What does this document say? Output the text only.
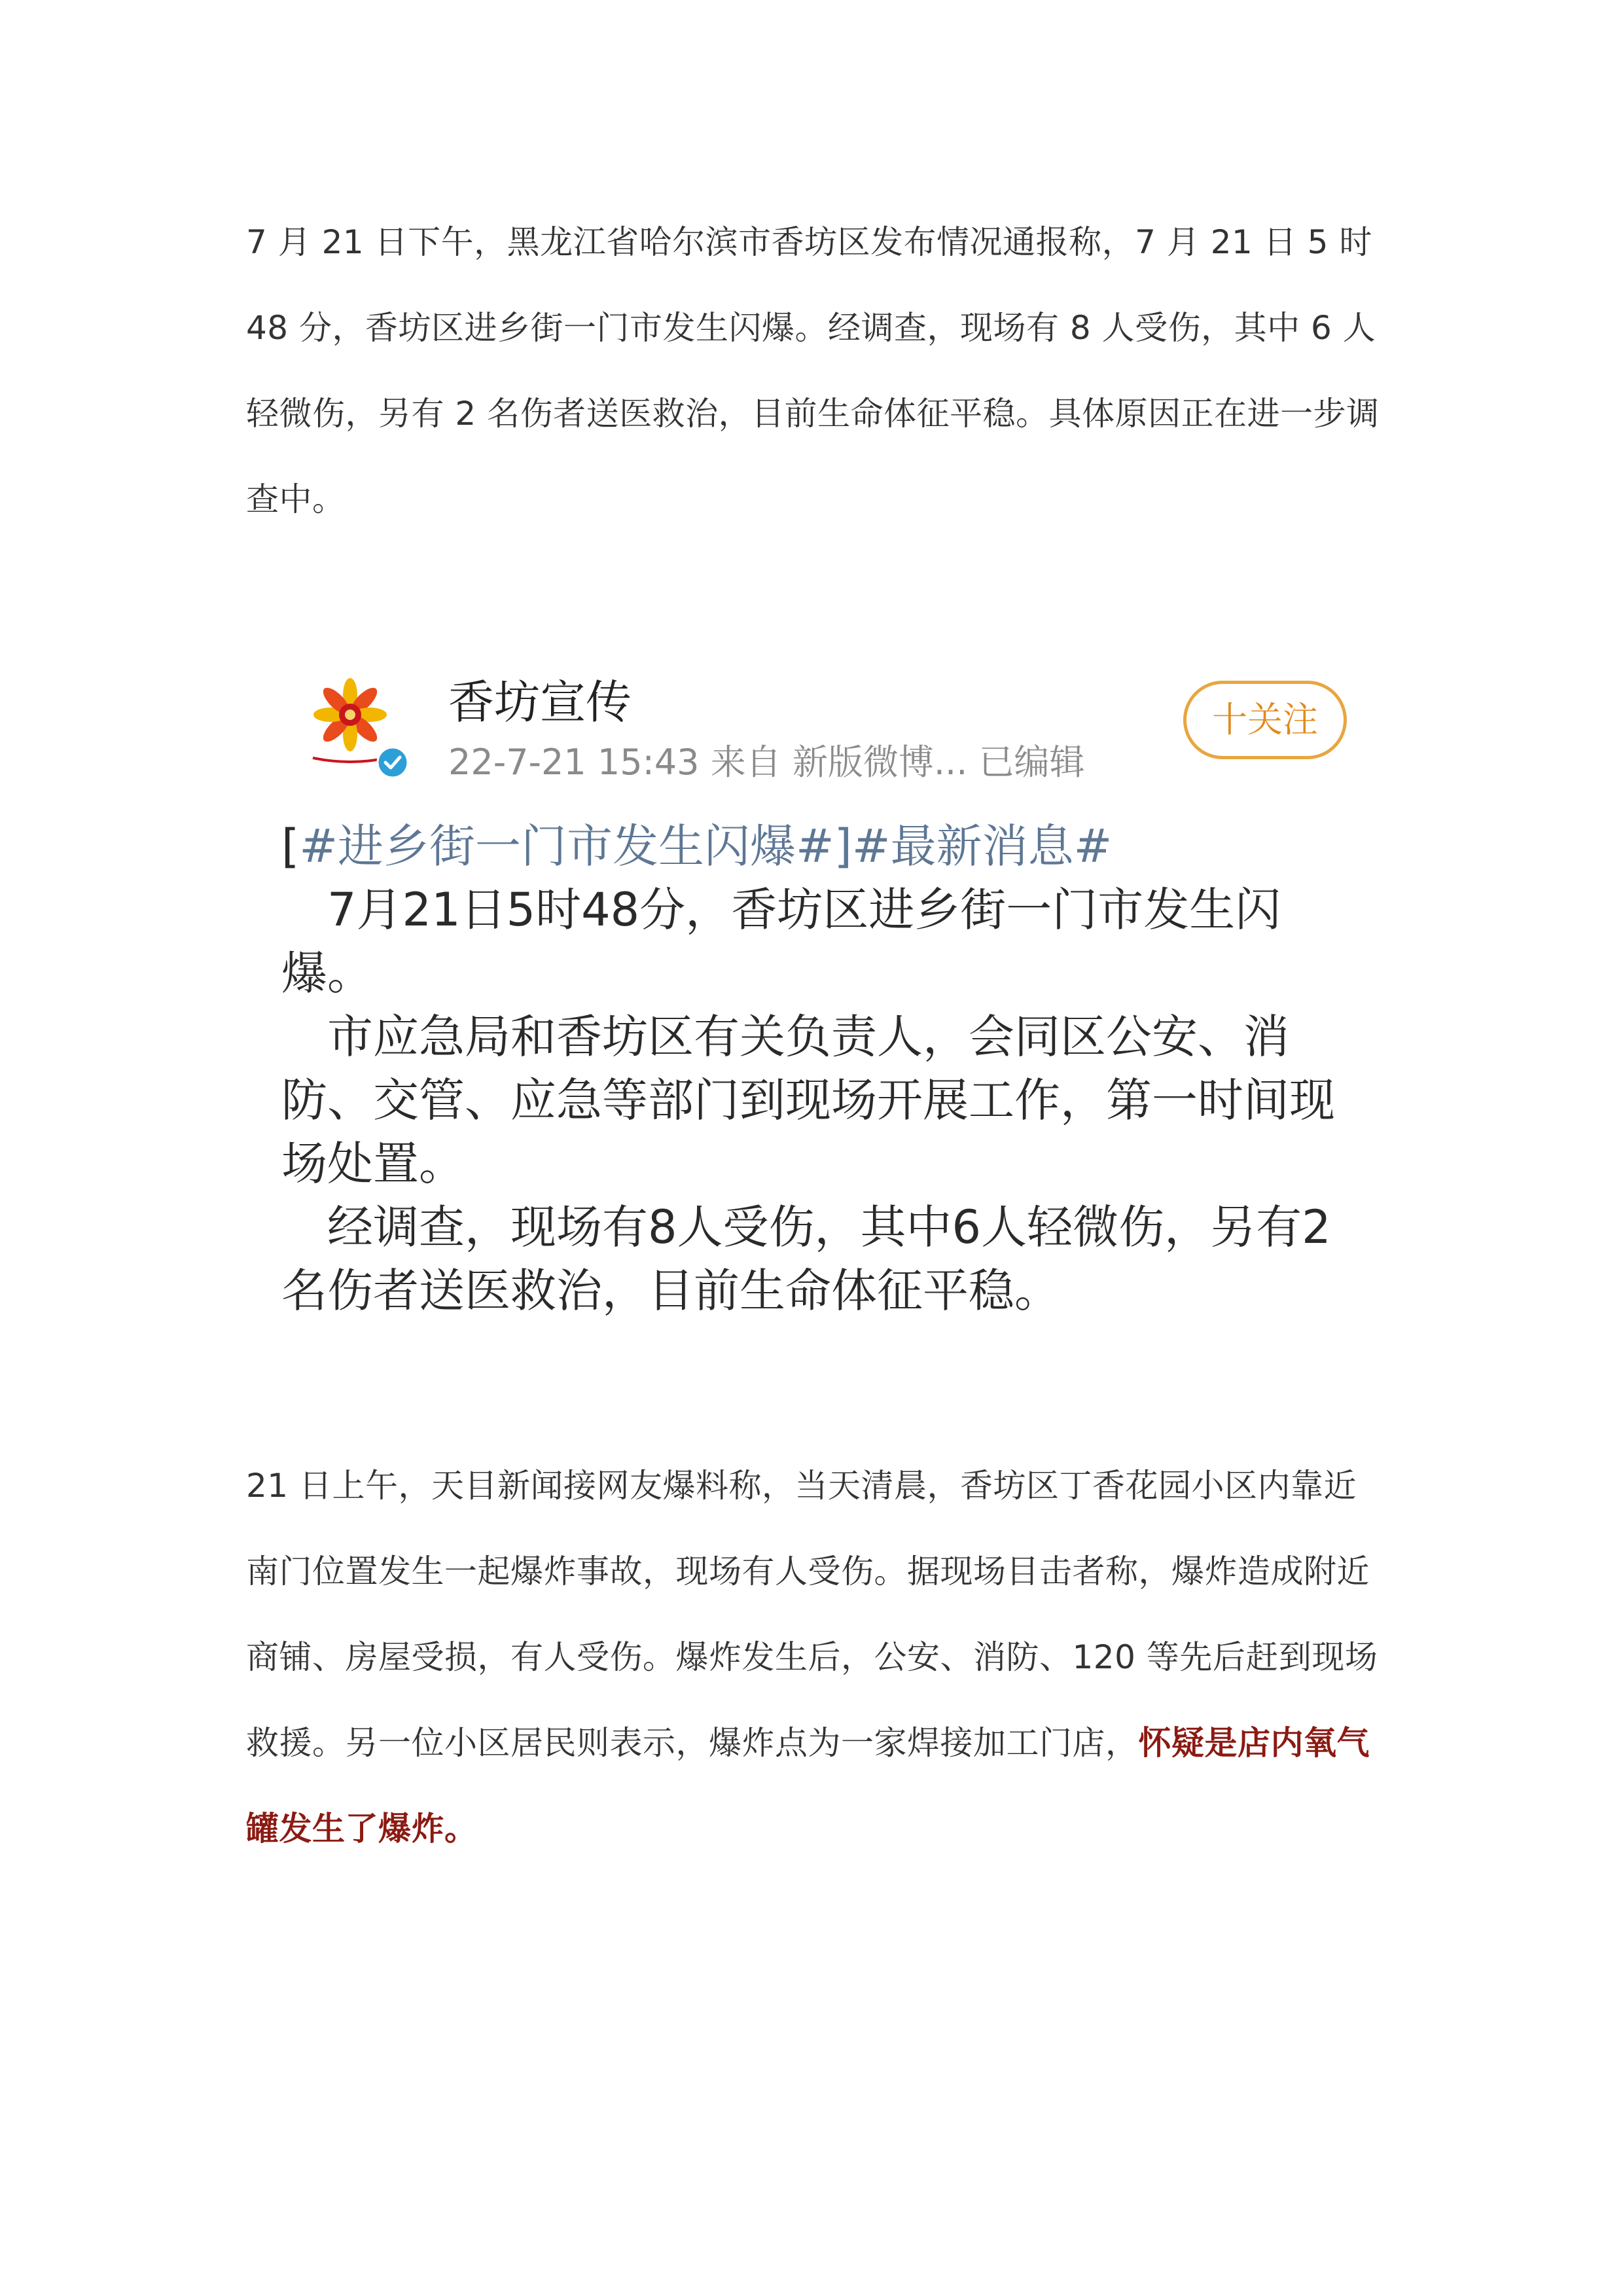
7 月 21 日下午，黑龙江省哈尔滨市香坊区发布情况通报称，7 月 21 日 5 时 48 分，香坊区进乡街一门市发生闪爆。经调查，现场有 8 人受伤，其中 6 人轻微伤，另有 2 名伤者送医救治，目前生命体征平稳。具体原因正在进一步调查中。

香坊宣传
22-7-21 15:43 来自 新版微博... 已编辑
十关注

[#进乡街一门市发生闪爆#]#最新消息#

7月21日5时48分，香坊区进乡街一门市发生闪爆。

市应急局和香坊区有关负责人，会同区公安、消防、交管、应急等部门到现场开展工作，第一时间现场处置。

经调查，现场有8人受伤，其中6人轻微伤，另有2名伤者送医救治，目前生命体征平稳。

21 日上午，天目新闻接网友爆料称，当天清晨，香坊区丁香花园小区内靠近南门位置发生一起爆炸事故，现场有人受伤。据现场目击者称，爆炸造成附近商铺、房屋受损，有人受伤。爆炸发生后，公安、消防、120 等先后赶到现场救援。另一位小区居民则表示，爆炸点为一家焊接加工门店，怀疑是店内氧气罐发生了爆炸。
